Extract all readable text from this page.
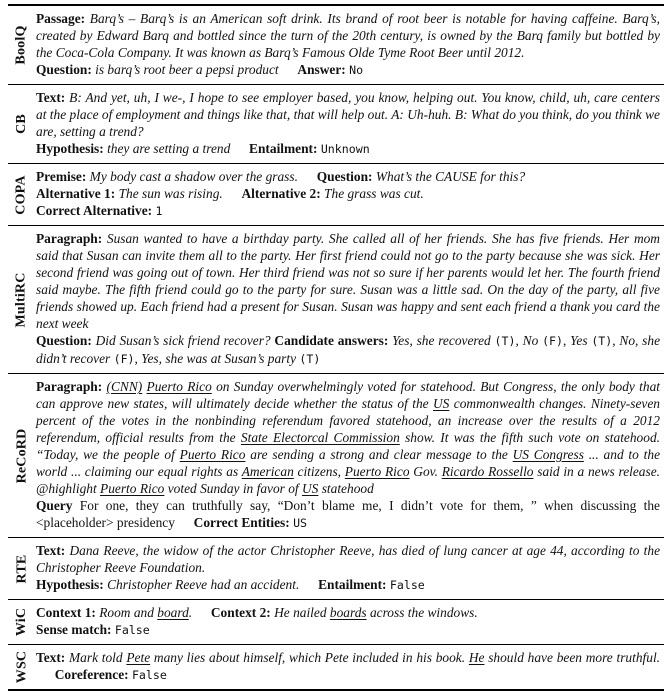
BoolQ
Passage: Barq’s – Barq’s is an American soft drink. Its brand of root beer is notable for having caffeine. Barq’s, created by Edward Barq and bottled since the turn of the 20th century, is owned by the Barq family but bottled by the Coca-Cola Company. It was known as Barq’s Famous Olde Tyme Root Beer until 2012.
Question: is barq’s root beer a pepsi product Answer: No
CB
Text: B: And yet, uh, I we-, I hope to see employer based, you know, helping out. You know, child, uh, care centers at the place of employment and things like that, that will help out. A: Uh-huh. B: What do you think, do you think we are, setting a trend?
Hypothesis: they are setting a trend Entailment: Unknown
COPA Premise: My body cast a shadow over the grass. Question: What’s the CAUSE for this?
Alternative 1: The sun was rising. Alternative 2: The grass was cut.
Correct Alternative: 1
MultiRC
Paragraph: Susan wanted to have a birthday party. She called all of her friends. She has five friends. Her mom said that Susan can invite them all to the party. Her first friend could not go to the party because she was sick. Her second friend was going out of town. Her third friend was not so sure if her parents would let her. The fourth friend said maybe. The fifth friend could go to the party for sure. Susan was a little sad. On the day of the party, all five friends showed up. Each friend had a present for Susan. Susan was happy and sent each friend a thank you card the next week
Question: Did Susan’s sick friend recover? Candidate answers: Yes, she recovered (T), No (F), Yes (T), No, she didn’t recover (F), Yes, she was at Susan’s party (T)
ReCoRD
Paragraph: (CNN) Puerto Rico on Sunday overwhelmingly voted for statehood. But Congress, the only body that can approve new states, will ultimately decide whether the status of the US commonwealth changes. Ninety-seven percent of the votes in the nonbinding referendum favored statehood, an increase over the results of a 2012 referendum, official results from the State Electorcal Commission show. It was the fifth such vote on statehood. “Today, we the people of Puerto Rico are sending a strong and clear message to the US Congress ... and to the world ... claiming our equal rights as American citizens, Puerto Rico Gov. Ricardo Rossello said in a news release. @highlight Puerto Rico voted Sunday in favor of US statehood
Query For one, they can truthfully say, “Don’t blame me, I didn’t vote for them, ” when discussing the <placeholder> presidency Correct Entities: US
RTE
Text: Dana Reeve, the widow of the actor Christopher Reeve, has died of lung cancer at age 44, according to the Christopher Reeve Foundation.
Hypothesis: Christopher Reeve had an accident. Entailment: False
WiC Context 1: Room and board. Context 2: He nailed boards across the windows.
Sense match: False
WSC Text: Mark told Pete many lies about himself, which Pete included in his book. He should have been more truthful.Coreference: False
